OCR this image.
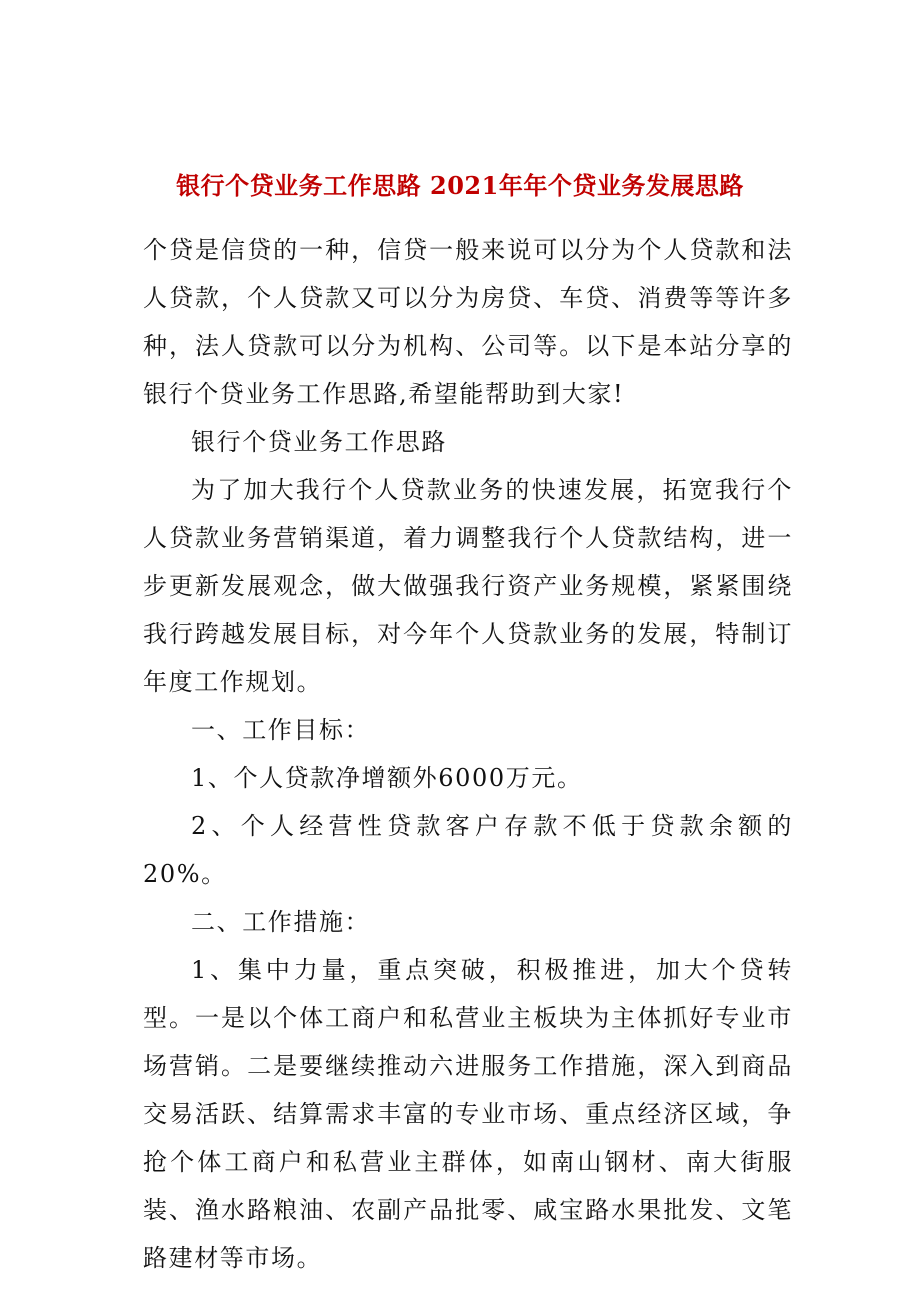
银行个贷业务工作思路 2021年年个贷业务发展思路

个贷是信贷的一种，信贷一般来说可以分为个人贷款和法人贷款，个人贷款又可以分为房贷、车贷、消费等等许多种，法人贷款可以分为机构、公司等。以下是本站分享的银行个贷业务工作思路,希望能帮助到大家!

银行个贷业务工作思路

为了加大我行个人贷款业务的快速发展，拓宽我行个人贷款业务营销渠道，着力调整我行个人贷款结构，进一步更新发展观念，做大做强我行资产业务规模，紧紧围绕我行跨越发展目标，对今年个人贷款业务的发展，特制订年度工作规划。

一、工作目标：

1、个人贷款净增额外6000万元。

2、个人经营性贷款客户存款不低于贷款余额的20%。

二、工作措施：

1、集中力量，重点突破，积极推进，加大个贷转型。一是以个体工商户和私营业主板块为主体抓好专业市场营销。二是要继续推动六进服务工作措施，深入到商品交易活跃、结算需求丰富的专业市场、重点经济区域，争抢个体工商户和私营业主群体，如南山钢材、南大街服装、渔水路粮油、农副产品批零、咸宝路水果批发、文笔路建材等市场。
